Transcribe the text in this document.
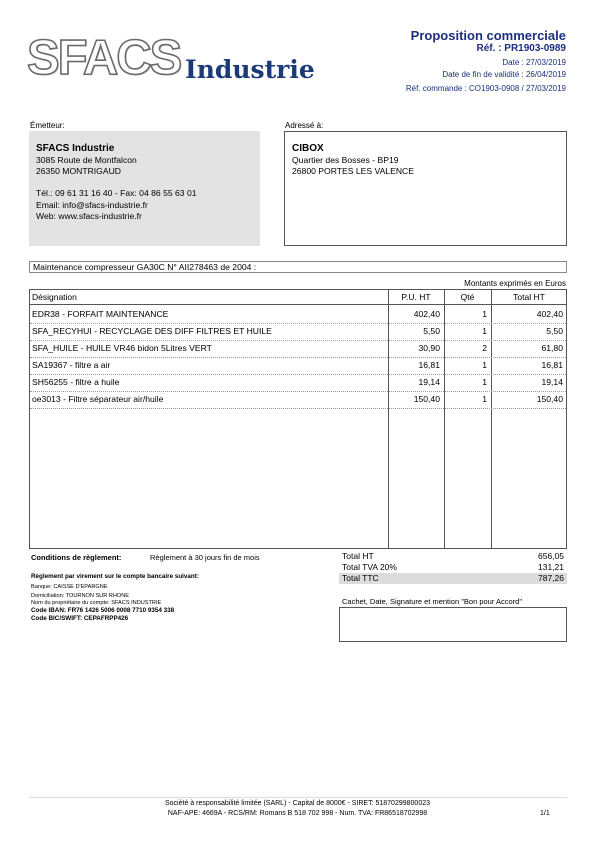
SFACS Industrie
Proposition commerciale
Réf. : PR1903-0989
Date : 27/03/2019
Date de fin de validité : 26/04/2019
Réf. commande : CO1903-0908 / 27/03/2019
Émetteur:
SFACS Industrie
3085 Route de Montfalcon
26350 MONTRIGAUD
Tél.: 09 61 31 16 40 - Fax: 04 86 55 63 01
Email: info@sfacs-industrie.fr
Web: www.sfacs-industrie.fr
Adressé à:
CIBOX
Quartier des Bosses - BP19
26800 PORTES LES VALENCE
Maintenance compresseur GA30C N° AII278463 de 2004 :
Montants exprimés en Euros
Désignation	P.U. HT	Qté	Total HT
EDR38 - FORFAIT MAINTENANCE	402,40	1	402,40
SFA_RECYHUI - RECYCLAGE DES DIFF FILTRES ET HUILE	5,50	1	5,50
SFA_HUILE - HUILE VR46 bidon 5Litres VERT	30,90	2	61,80
SA19367 - filtre a air	16,81	1	16,81
SH56255 - filtre a huile	19,14	1	19,14
oe3013 - Filtre séparateur air/huile	150,40	1	150,40
Conditions de règlement:	Règlement à 30 jours fin de mois
Règlement par virement sur le compte bancaire suivant:
Banque: CAISSE D'EPARGNE
Domiciliation: TOURNON SUR RHONE
Nom du propriétaire du compte: SFACS INDUSTRIE
Code IBAN: FR76 1426 5006 0008 7710 9354 338
Code BIC/SWIFT: CEPAFRPP426
Total HT	656,05
Total TVA 20%	131,21
Total TTC	787,26
Cachet, Date, Signature et mention "Bon pour Accord"
Société à responsabilité limitée (SARL) - Capital de 8000€ - SIRET: 51870299800023
NAF-APE: 4669A - RCS/RM: Romans B 518 702 998 - Num. TVA: FR86518702998	1/1
